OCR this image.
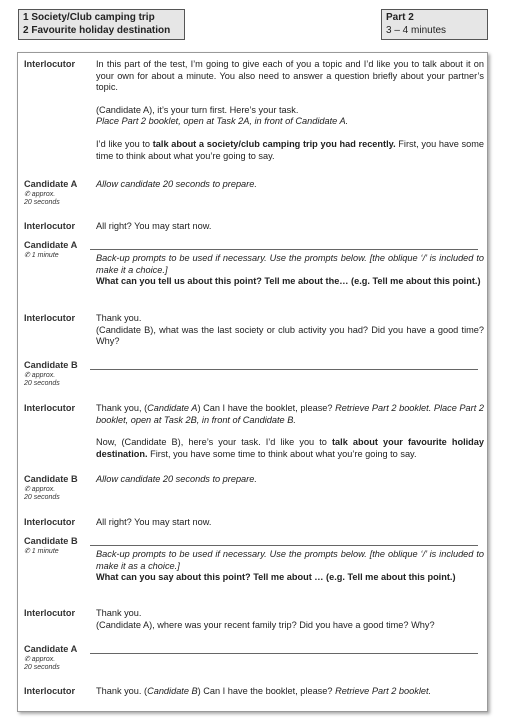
1 Society/Club camping trip
2 Favourite holiday destination
Part 2
3 – 4 minutes
Interlocutor	In this part of the test, I’m going to give each of you a topic and I’d like you to talk about it on your own for about a minute. You also need to answer a question briefly about your partner’s topic.

(Candidate A), it’s your turn first. Here’s your task.
Place Part 2 booklet, open at Task 2A, in front of Candidate A.

I’d like you to talk about a society/club camping trip you had recently. First, you have some time to think about what you’re going to say.

Candidate A
✆ approx.
20 seconds
Allow candidate 20 seconds to prepare.
Interlocutor	All right? You may start now.
Candidate A
✆ 1 minute	Back-up prompts to be used if necessary. Use the prompts below. [the oblique ‘/’ is included to make it a choice.]

What can you tell us about this point? Tell me about the… (e.g. Tell me about this point.)

Interlocutor	Thank you.
(Candidate B), what was the last society or club activity you had? Did you have a good time? Why?
Candidate B
✆ approx.
20 seconds
Interlocutor	Thank you, (Candidate A) Can I have the booklet, please? Retrieve Part 2 booklet. Place Part 2 booklet, open at Task 2B, in front of Candidate B.

Now, (Candidate B), here’s your task. I’d like you to talk about your favourite holiday destination. First, you have some time to think about what you’re going to say.

Candidate B
✆ approx.
20 seconds
Allow candidate 20 seconds to prepare.
Interlocutor	All right? You may start now.
Candidate B
✆ 1 minute	Back-up prompts to be used if necessary. Use the prompts below. [the oblique ‘/’ is included to make it as a choice.]

What can you say about this point? Tell me about … (e.g. Tell me about this point.)

Interlocutor	Thank you.
(Candidate A), where was your recent family trip? Did you have a good time? Why?
Candidate A
✆ approx.
20 seconds
Interlocutor	Thank you. (Candidate B) Can I have the booklet, please? Retrieve Part 2 booklet.
